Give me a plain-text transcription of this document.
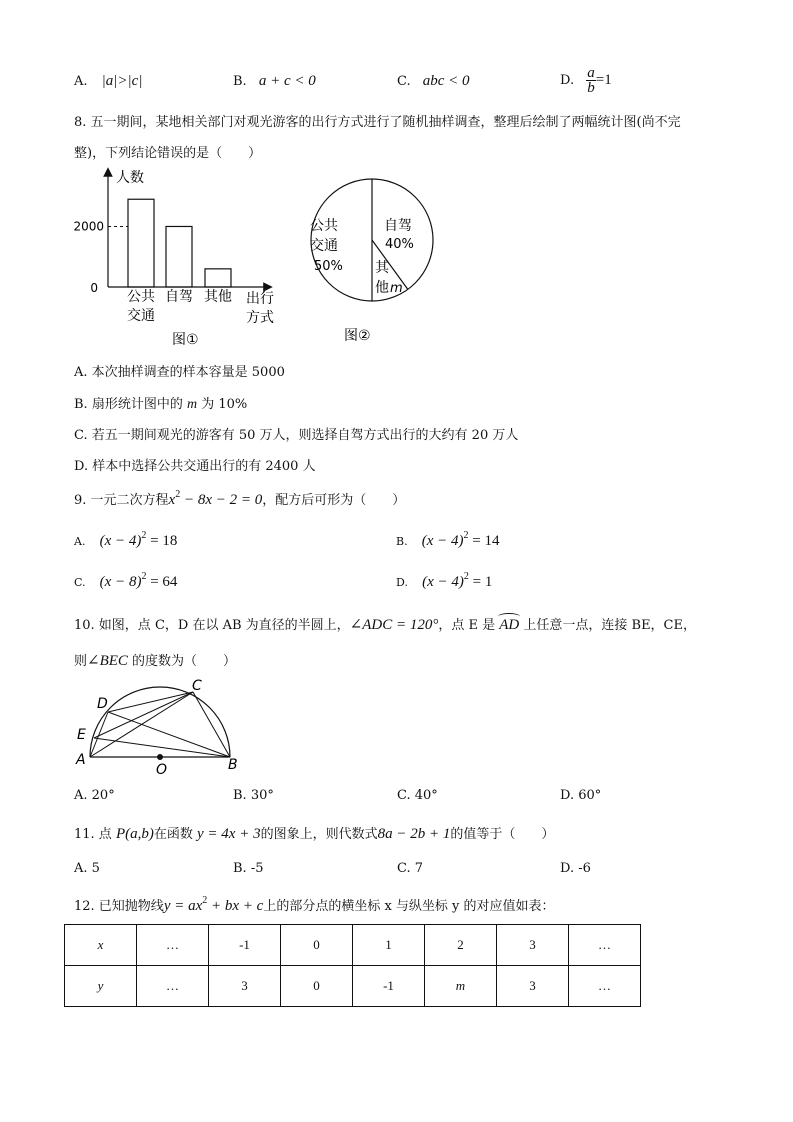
A. |a|>|c|	B. a + c < 0	C. abc < 0	D. $\frac{a}{b} =1$
8. 五一期间，某地相关部门对观光游客的出行方式进行了随机抽样调查，整理后绘制了两幅统计图(尚不完
整)，下列结论错误的是（　　）
人数
0
2000
公共
交通
自驾 其他 出行
方式
图①
公共
交通
50%
自驾
40%
其
他 m
图②
A. 本次抽样调查的样本容量是 5000
B. 扇形统计图中的 m 为 10%
C. 若五一期间观光的游客有 50 万人，则选择自驾方式出行的大约有 20 万人
D. 样本中选择公共交通出行的有 2400 人
9. 一元二次方程$x^2 - 8x - 2 = 0$，配方后可形为（　　）
A. $(x - 4)^2 = 18$	B. $(x - 4)^2 = 14$
C. $(x - 8)^2 = 64$	D. $(x - 4)^2 = 1$
10. 如图，点 C，D 在以 AB 为直径的半圆上，∠ADC = 120°，点 E 是 AD 上任意一点，连接 BE，CE，
则∠BEC 的度数为（　　）
A	B
C
D
E
O
A. 20°	B. 30°	C. 40°	D. 60°
11. 点 P(a,b)在函数 y = 4x + 3的图象上，则代数式8a − 2b + 1的值等于（　　）
A. 5	B. -5	C. 7	D. -6
12. 已知抛物线$y = ax^2$ + bx + c上的部分点的横坐标 x 与纵坐标 y 的对应值如表：
x	…	-1	0	1	2	3	…
y	…	3	0	-1	m	3	…
